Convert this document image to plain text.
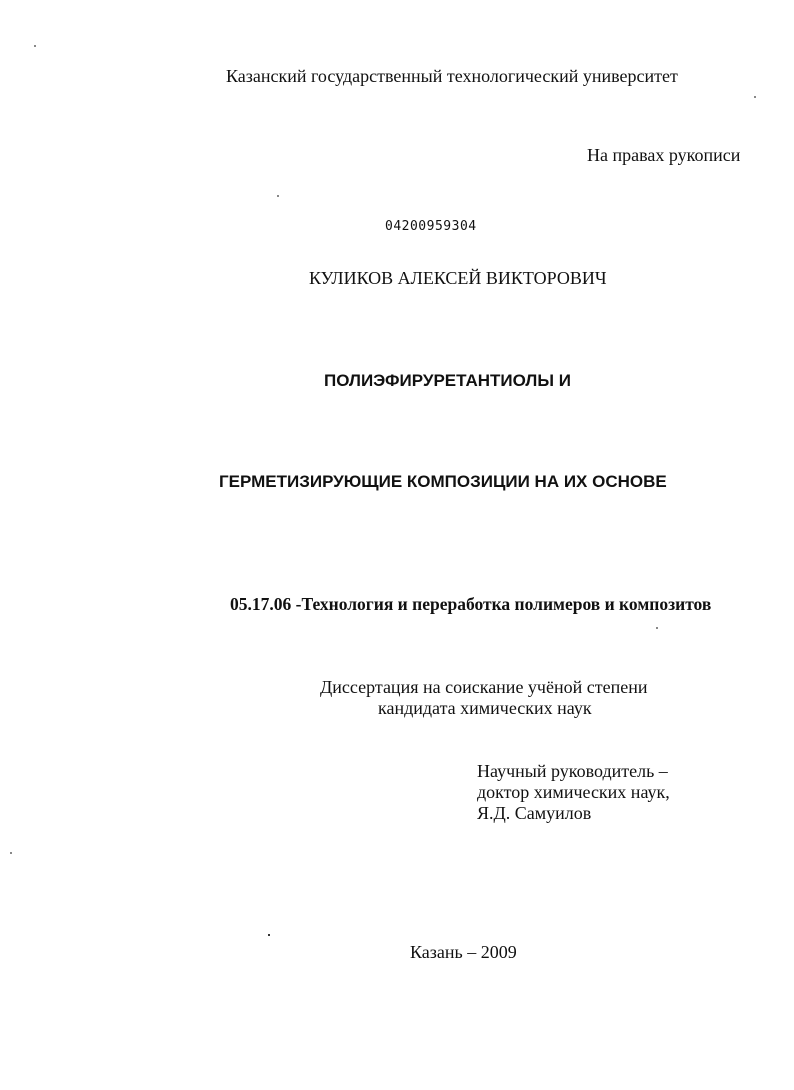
Казанский государственный технологический университет
На правах рукописи
04200959304
КУЛИКОВ АЛЕКСЕЙ ВИКТОРОВИЧ
ПОЛИЭФИРУРЕТАНТИОЛЫ И
ГЕРМЕТИЗИРУЮЩИЕ КОМПОЗИЦИИ НА ИХ ОСНОВЕ
05.17.06 -Технология и переработка полимеров и композитов
Диссертация на соискание учёной степени
кандидата химических наук
Научный руководитель –
доктор химических наук,
Я.Д. Самуилов
Казань – 2009
